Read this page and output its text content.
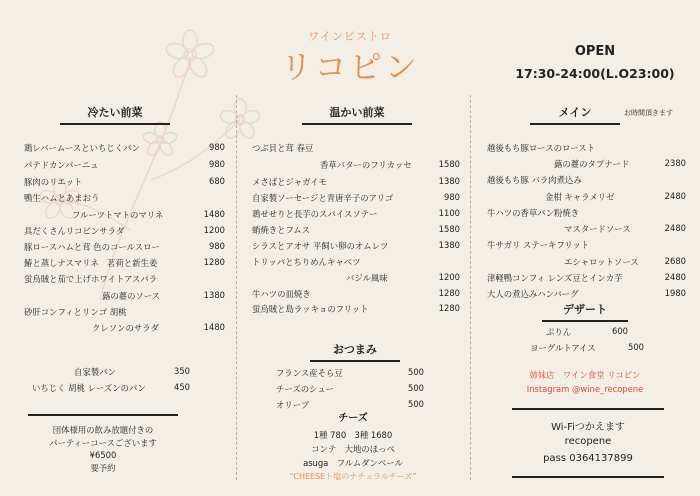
ワインビストロ
リコピン	OPEN
17:30-24:00(L.O23:00)
冷たい前菜
鶏レバームースといちじくパン	980
パテドカンパーニュ	980
豚肉のリエット	680
鴨生ハムとあまおう
フルーツトマトのマリネ	1480
具だくさんリコピンサラダ	1200
豚ロースハムと茸 色のコールスロー	980
鰆と蒸しナスマリネ　茗荷と新生姜	1280
蛍烏賊と茄で上げホワイトアスパラ
蕗の薹のソース	1380
砂肝コンフィとリンゴ 胡桃
クレソンのサラダ	1480
自家製パン	350
いちじく 胡桃 レーズンのパン	450
団体様用の飲み放題付きの
パーティーコースございます
¥6500
要予約
温かい前菜
つぶ貝と茸 春豆
香草バターのフリカッセ	1580
メさばとジャガイモ	1380
自家製ソーセージと青唐辛子のアリゴ	980
鶏せせりと長芋のスパイスソテー	1100
蛸焼きとフムス	1580
シラスとアオサ 平飼い卵のオムレツ	1380
トリッパとちりめんキャベツ
バジル風味	1200
牛ハツの皿焼き	1280
蛍烏賊と島ラッキョのフリット	1280
おつまみ
フランス産そら豆	500
チーズのシュー	500
オリーブ	500
チーズ
1種 780　3種 1680
コンテ　大地のほっぺ
asuga　フルムダンベール
“CHEESEト塩のナチュラルチーズ”
メイン	お時間頂きます
越後もち豚ロースのロースト
蕗の薹のタプナード	2380
越後もち豚 バラ肉煮込み
金柑 キャラメリゼ	2480
牛ハツの香草パン粉焼き
マスタードソース	2480
牛サガリ ステーキフリット
エシャロットソース	2680
津軽鴨コンフィ レンズ豆とインカ芋	2480
大人の煮込みハンバーグ	1980
デザート
ぷりん	600
ヨーグルトアイス	500
姉妹店　ワイン食堂 リコピン
Instagram @wine_recopene
Wi-Fiつかえます
recopene
pass 0364137899
